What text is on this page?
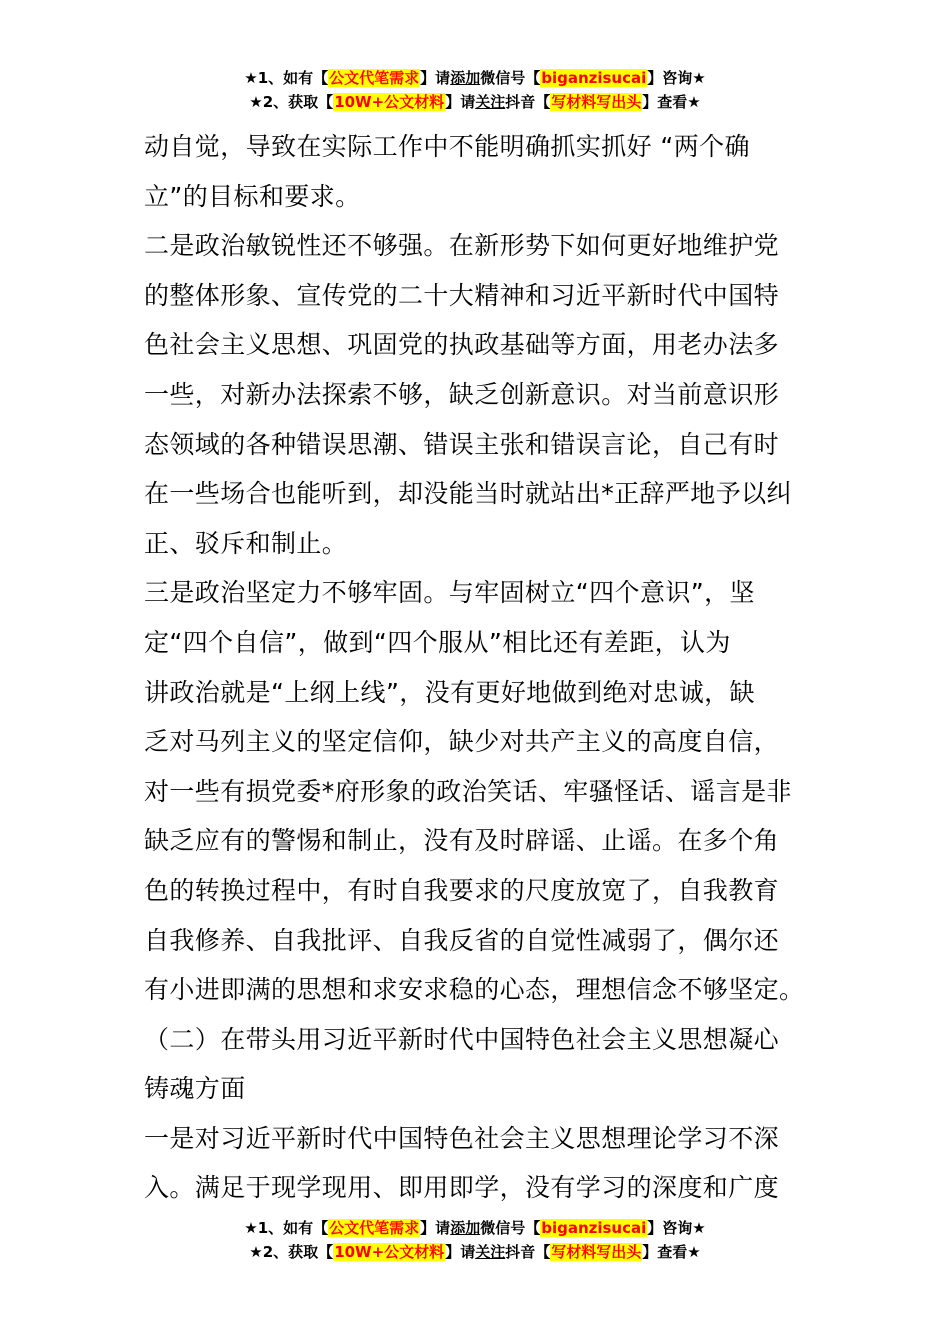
★1、如有【公文代笔需求】请添加微信号【biganzisucai】咨询★
★2、获取【10W+公文材料】请关注抖音【写材料写出头】查看★

动自觉，导致在实际工作中不能明确抓实抓好 “两个确

立”的目标和要求。

二是政治敏锐性还不够强。在新形势下如何更好地维护党

的整体形象、宣传党的二十大精神和习近平新时代中国特

色社会主义思想、巩固党的执政基础等方面，用老办法多

一些，对新办法探索不够，缺乏创新意识。对当前意识形

态领域的各种错误思潮、错误主张和错误言论，自己有时

在一些场合也能听到，却没能当时就站出*正辞严地予以纠

正、驳斥和制止。

三是政治坚定力不够牢固。与牢固树立“四个意识”，坚

定“四个自信”，做到“四个服从”相比还有差距，认为

讲政治就是“上纲上线”，没有更好地做到绝对忠诚，缺

乏对马列主义的坚定信仰，缺少对共产主义的高度自信，

对一些有损党委*府形象的政治笑话、牢骚怪话、谣言是非

缺乏应有的警惕和制止，没有及时辟谣、止谣。在多个角

色的转换过程中，有时自我要求的尺度放宽了，自我教育

自我修养、自我批评、自我反省的自觉性减弱了，偶尔还

有小进即满的思想和求安求稳的心态，理想信念不够坚定。

（二）在带头用习近平新时代中国特色社会主义思想凝心

铸魂方面

一是对习近平新时代中国特色社会主义思想理论学习不深

入。满足于现学现用、即用即学，没有学习的深度和广度

★1、如有【公文代笔需求】请添加微信号【biganzisucai】咨询★
★2、获取【10W+公文材料】请关注抖音【写材料写出头】查看★
